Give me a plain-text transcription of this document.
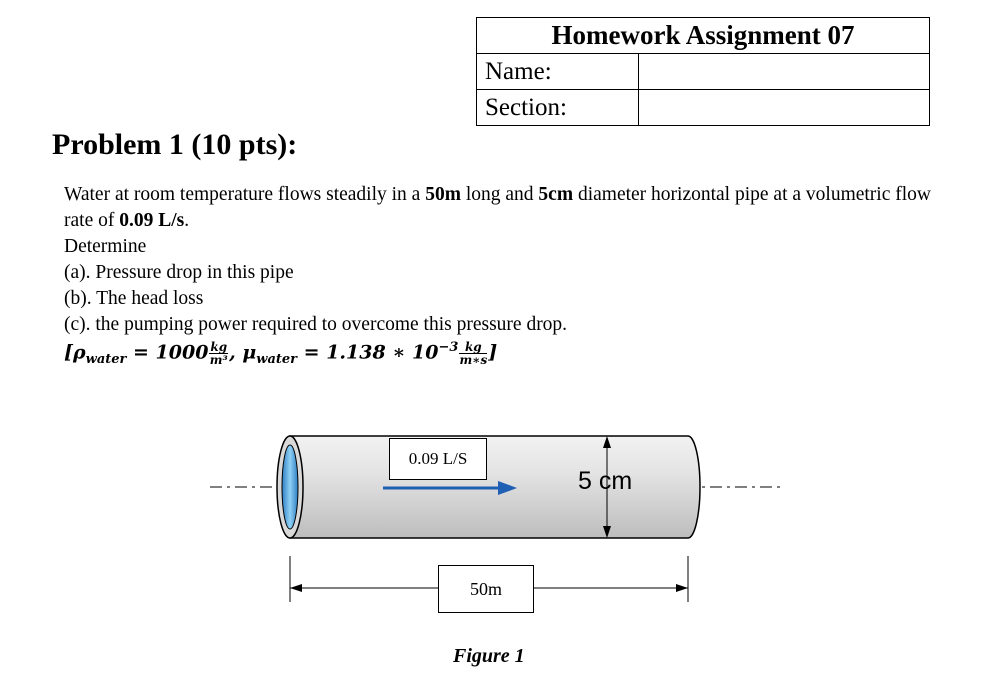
Homework Assignment 07	
Name:	
Section:	
Problem 1 (10 pts):

Water at room temperature flows steadily in a 50m long and 5cm diameter horizontal pipe at a volumetric flow rate of 0.09 L/s.

Determine

(a). Pressure drop in this pipe

(b). The head loss

(c). the pumping power required to overcome this pressure drop.

[$\rho_{water} = 1000 \frac{kg}{\text{m³}}$ , $\mu_{water} = 1.138$ ∗ $10^{-3} \frac{kg}{m∗s}$ ]
0.09 L/S
5 cm
50m
Figure 1
